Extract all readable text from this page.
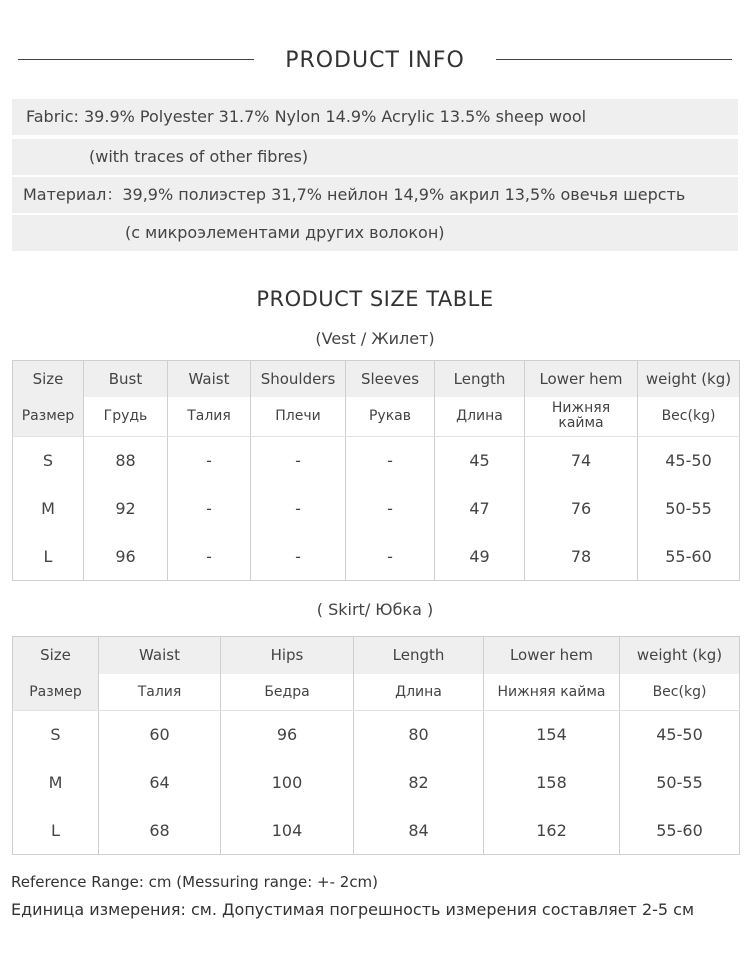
PRODUCT INFO
Fabric: 39.9% Polyester 31.7% Nylon 14.9% Acrylic 13.5% sheep wool
(with traces of other fibres)
Материал：39,9% полиэстер 31,7% нейлон 14,9% акрил 13,5% овечья шерсть
(с микроэлементами других волокон)
PRODUCT SIZE TABLE
(Vest / Жилет)
Size	Bust	Waist	Shoulders	Sleeves	Length	Lower hem	weight (kg)
Размер	Грудь	Талия	Плечи	Рукав	Длина	Нижняя кайма	Вес(kg)
S	88	-	-	-	45	74	45-50
M	92	-	-	-	47	76	50-55
L	96	-	-	-	49	78	55-60
( Skirt/ Юбка )
Size	Waist	Hips	Length	Lower hem	weight (kg)
Размер	Талия	Бедра	Длина	Нижняя кайма	Вес(kg)
S	60	96	80	154	45-50
M	64	100	82	158	50-55
L	68	104	84	162	55-60
Reference Range: cm (Messuring range: +- 2cm)
Единица измерения: см. Допустимая погрешность измерения составляет 2-5 см
